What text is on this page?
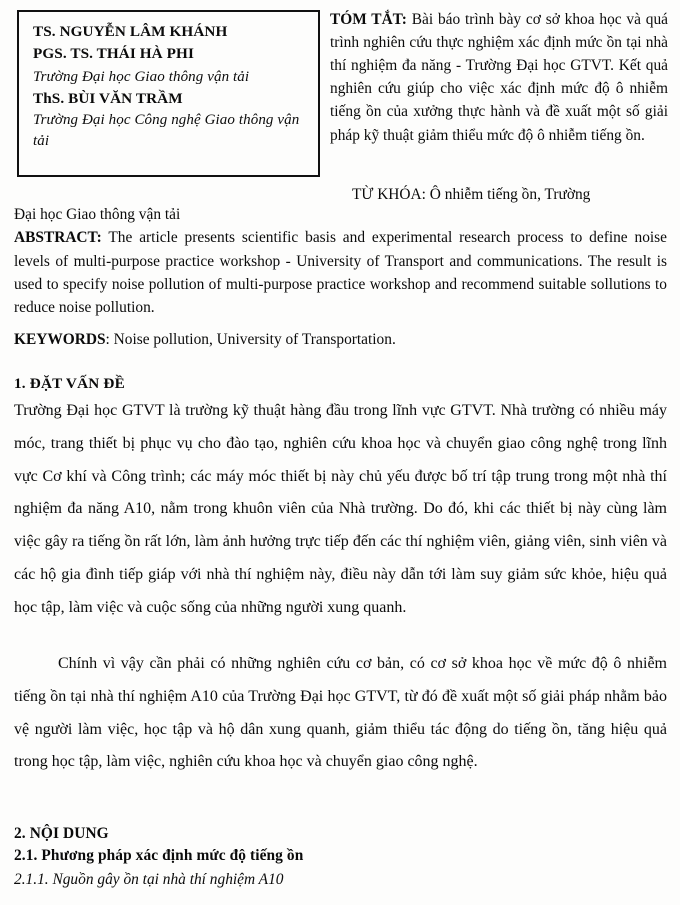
TS. NGUYỄN LÂM KHÁNH
PGS. TS. THÁI HÀ PHI
Trường Đại học Giao thông vận tải
ThS. BÙI VĂN TRẦM
Trường Đại học Công nghệ Giao thông vận tải
TÓM TẮT: Bài báo trình bày cơ sở khoa học và quá trình nghiên cứu thực nghiệm xác định mức ồn tại nhà thí nghiệm đa năng - Trường Đại học GTVT. Kết quả nghiên cứu giúp cho việc xác định mức độ ô nhiễm tiếng ồn của xưởng thực hành và đề xuất một số giải pháp kỹ thuật giảm thiểu mức độ ô nhiễm tiếng ồn.
TỪ KHÓA: Ô nhiễm tiếng ồn, Trường

Đại học Giao thông vận tải

ABSTRACT: The article presents scientific basis and experimental research process to define noise levels of multi-purpose practice workshop - University of Transport and communications. The result is used to specify noise pollution of multi-purpose practice workshop and recommend suitable sollutions to reduce noise pollution.

KEYWORDS: Noise pollution, University of Transportation.

1. ĐẶT VẤN ĐỀ

Trường Đại học GTVT là trường kỹ thuật hàng đầu trong lĩnh vực GTVT. Nhà trường có nhiều máy móc, trang thiết bị phục vụ cho đào tạo, nghiên cứu khoa học và chuyển giao công nghệ trong lĩnh vực Cơ khí và Công trình; các máy móc thiết bị này chủ yếu được bố trí tập trung trong một nhà thí nghiệm đa năng A10, nằm trong khuôn viên của Nhà trường. Do đó, khi các thiết bị này cùng làm việc gây ra tiếng ồn rất lớn, làm ảnh hưởng trực tiếp đến các thí nghiệm viên, giảng viên, sinh viên và các hộ gia đình tiếp giáp với nhà thí nghiệm này, điều này dẫn tới làm suy giảm sức khỏe, hiệu quả học tập, làm việc và cuộc sống của những người xung quanh.

Chính vì vậy cần phải có những nghiên cứu cơ bản, có cơ sở khoa học về mức độ ô nhiễm tiếng ồn tại nhà thí nghiệm A10 của Trường Đại học GTVT, từ đó đề xuất một số giải pháp nhằm bảo vệ người làm việc, học tập và hộ dân xung quanh, giảm thiểu tác động do tiếng ồn, tăng hiệu quả trong học tập, làm việc, nghiên cứu khoa học và chuyển giao công nghệ.

2. NỘI DUNG

2.1. Phương pháp xác định mức độ tiếng ồn

2.1.1. Nguồn gây ồn tại nhà thí nghiệm A10
